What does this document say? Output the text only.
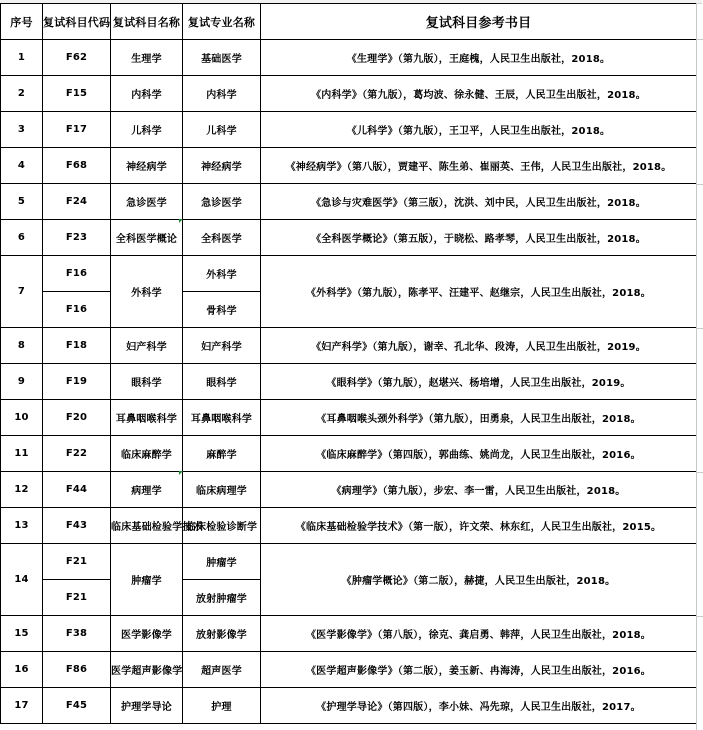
序号	复试科目代码	复试科目名称	复试专业名称	复试科目参考书目
1	F62	生理学	基础医学	《生理学》（第九版），王庭槐，人民卫生出版社，2018。
2	F15	内科学	内科学	《内科学》（第九版），葛均波、徐永健、王辰，人民卫生出版社，2018。
3	F17	儿科学	儿科学	《儿科学》（第九版），王卫平，人民卫生出版社，2018。
4	F68	神经病学	神经病学	《神经病学》（第八版），贾建平、陈生弟、崔丽英、王伟，人民卫生出版社，2018。
5	F24	急诊医学	急诊医学	《急诊与灾难医学》（第三版），沈洪、刘中民，人民卫生出版社，2018。
6	F23	全科医学概论	全科医学	《全科医学概论》（第五版），于晓松、路孝琴，人民卫生出版社，2018。
7	F16	外科学	外科学	《外科学》（第九版），陈孝平、汪建平、赵继宗，人民卫生出版社，2018。
	F16		骨科学	
8	F18	妇产科学	妇产科学	《妇产科学》（第九版），谢幸、孔北华、段涛，人民卫生出版社，2019。
9	F19	眼科学	眼科学	《眼科学》（第九版），赵堪兴、杨培增，人民卫生出版社，2019。
10	F20	耳鼻咽喉科学	耳鼻咽喉科学	《耳鼻咽喉头颈外科学》（第九版），田勇泉，人民卫生出版社，2018。
11	F22	临床麻醉学	麻醉学	《临床麻醉学》（第四版），郭曲练、姚尚龙，人民卫生出版社，2016。
12	F44	病理学	临床病理学	《病理学》（第九版），步宏、李一雷，人民卫生出版社，2018。
13	F43	临床基础检验学技术	临床检验诊断学	《临床基础检验学技术》（第一版），许文荣、林东红，人民卫生出版社，2015。
14	F21	肿瘤学	肿瘤学	《肿瘤学概论》（第二版），赫捷，人民卫生出版社，2018。
	F21		放射肿瘤学	
15	F38	医学影像学	放射影像学	《医学影像学》（第八版），徐克、龚启勇、韩萍，人民卫生出版社，2018。
16	F86	医学超声影像学	超声医学	《医学超声影像学》（第二版），姜玉新、冉海涛，人民卫生出版社，2016。
17	F45	护理学导论	护理	《护理学导论》（第四版），李小妹、冯先琼，人民卫生出版社，2017。
